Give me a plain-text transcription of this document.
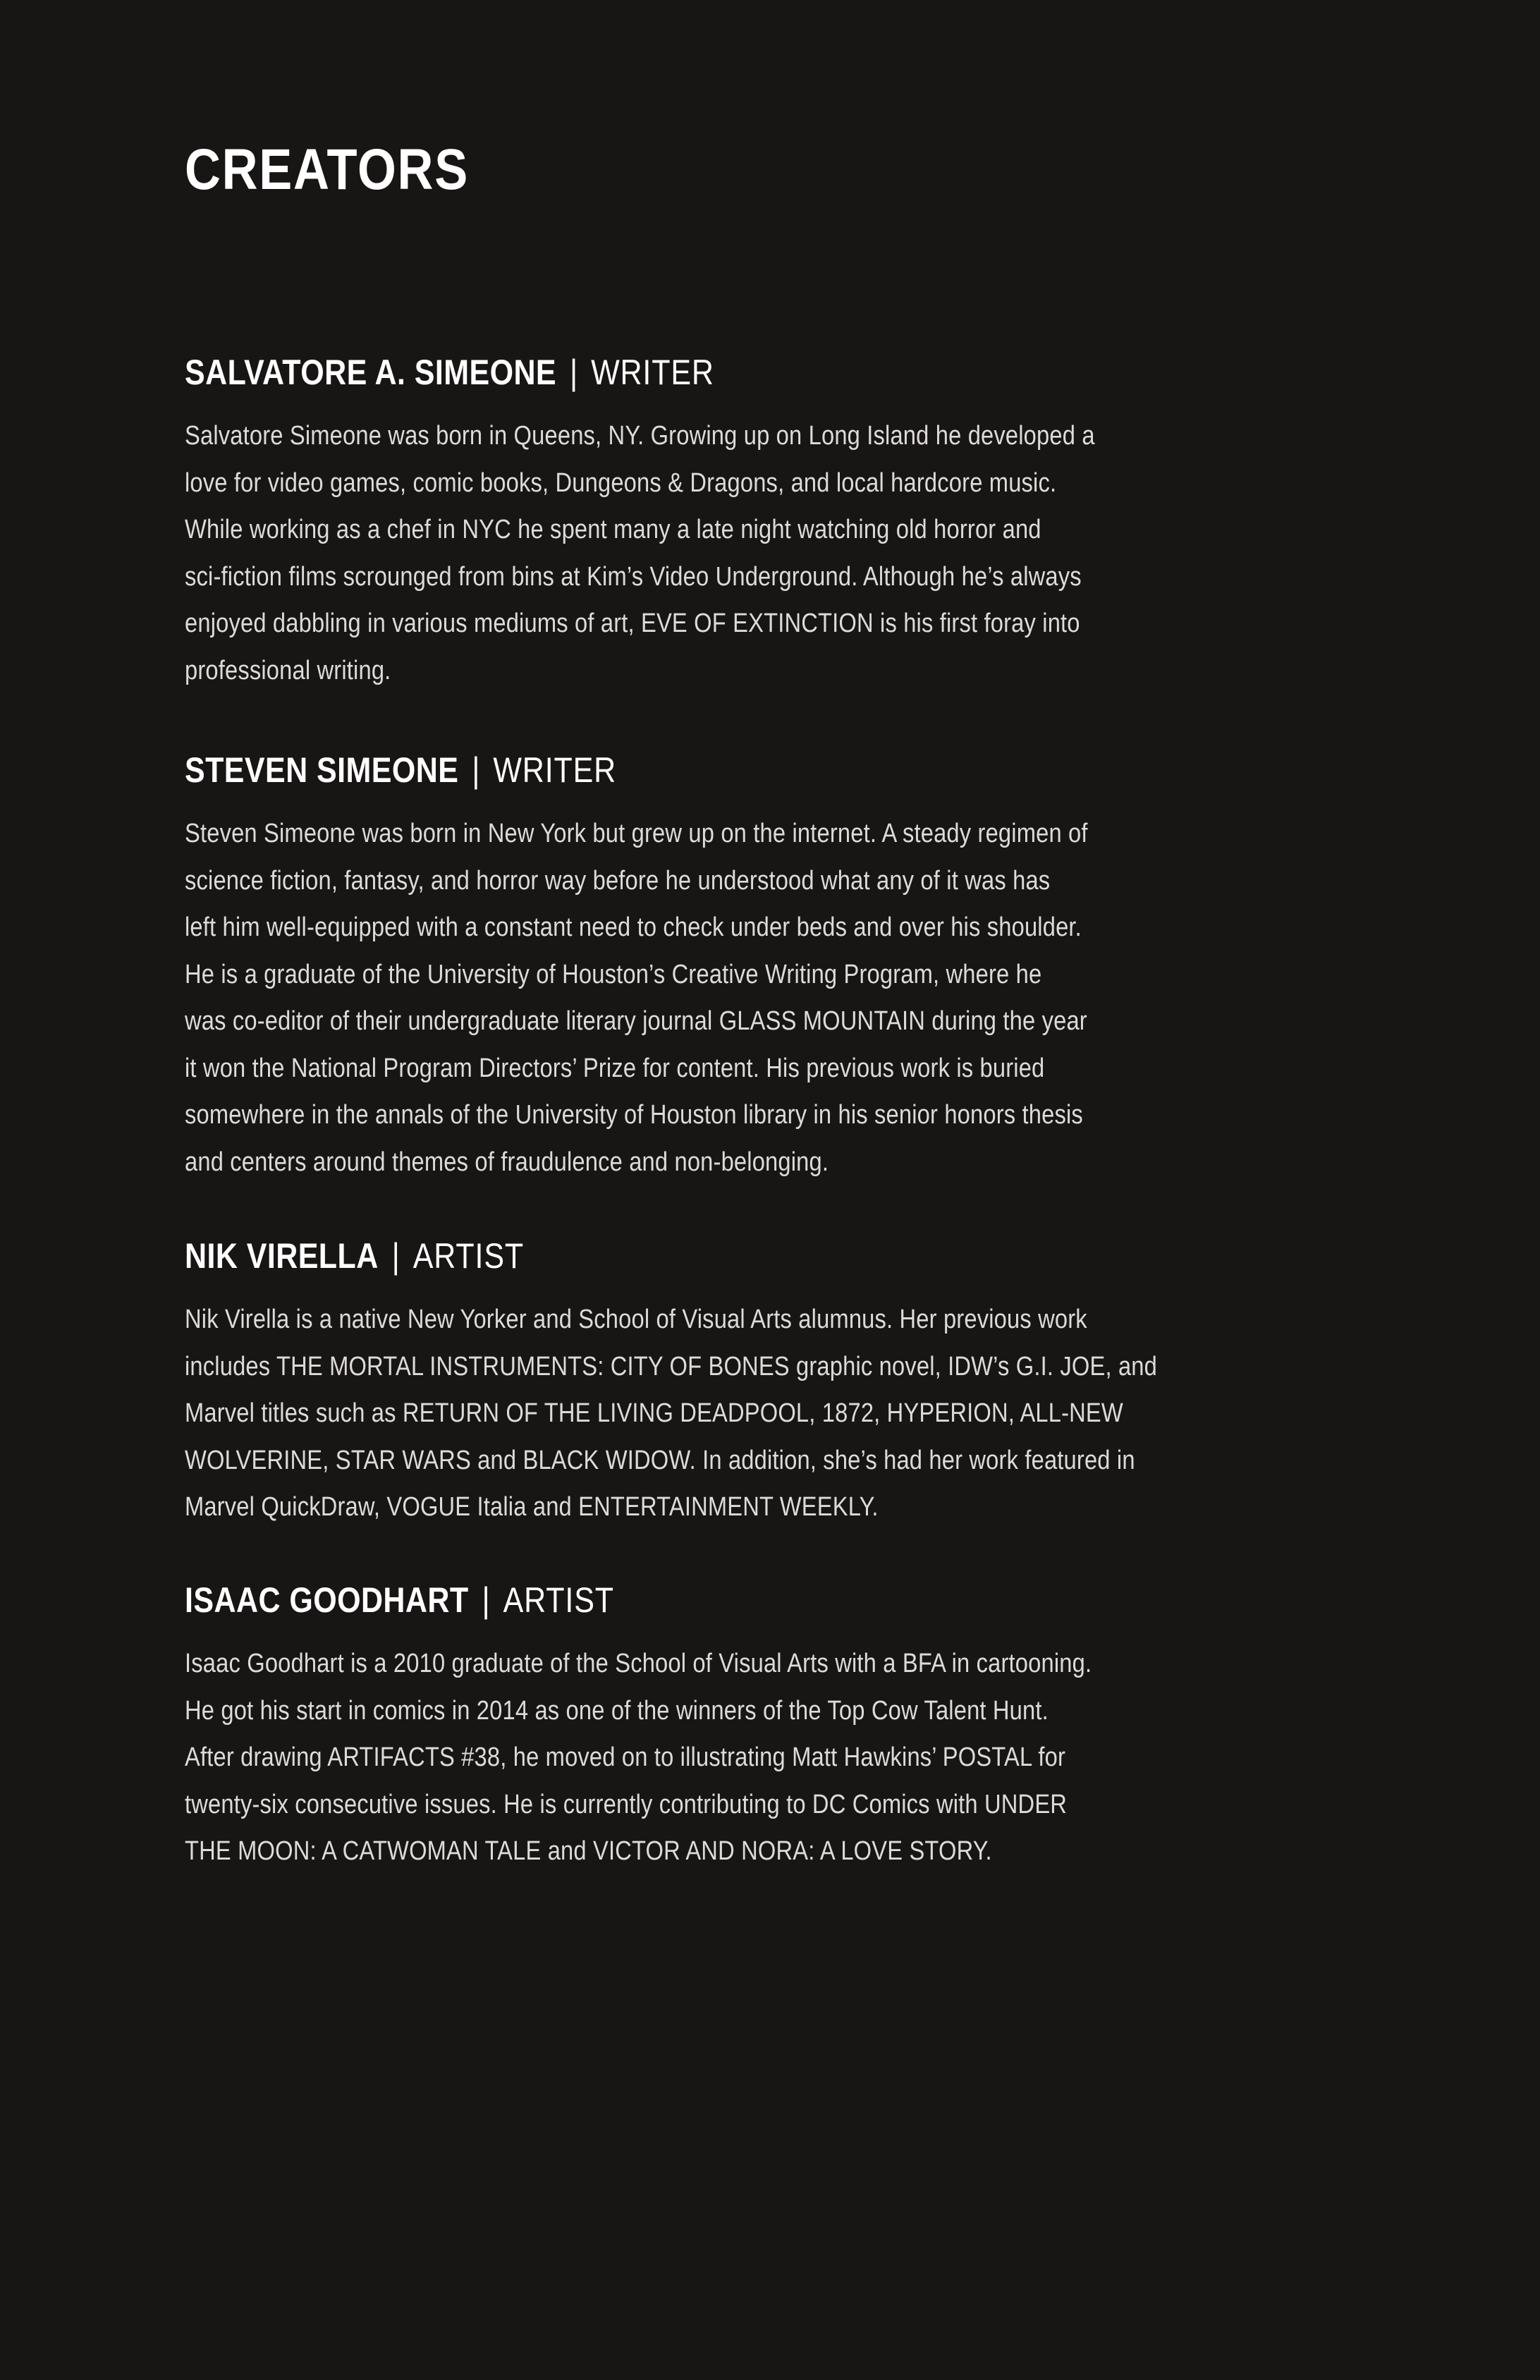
CREATORS
SALVATORE A. SIMEONE | WRITER

Salvatore Simeone was born in Queens, NY. Growing up on Long Island he developed a
love for video games, comic books, Dungeons & Dragons, and local hardcore music.
While working as a chef in NYC he spent many a late night watching old horror and
sci-fiction films scrounged from bins at Kim’s Video Underground. Although he’s always
enjoyed dabbling in various mediums of art, EVE OF EXTINCTION is his first foray into
professional writing.

STEVEN SIMEONE | WRITER

Steven Simeone was born in New York but grew up on the internet. A steady regimen of
science fiction, fantasy, and horror way before he understood what any of it was has
left him well-equipped with a constant need to check under beds and over his shoulder.
He is a graduate of the University of Houston’s Creative Writing Program, where he
was co-editor of their undergraduate literary journal GLASS MOUNTAIN during the year
it won the National Program Directors’ Prize for content. His previous work is buried
somewhere in the annals of the University of Houston library in his senior honors thesis
and centers around themes of fraudulence and non-belonging.

NIK VIRELLA | ARTIST

Nik Virella is a native New Yorker and School of Visual Arts alumnus. Her previous work
includes THE MORTAL INSTRUMENTS: CITY OF BONES graphic novel, IDW’s G.I. JOE, and
Marvel titles such as RETURN OF THE LIVING DEADPOOL, 1872, HYPERION, ALL-NEW
WOLVERINE, STAR WARS and BLACK WIDOW. In addition, she’s had her work featured in
Marvel QuickDraw, VOGUE Italia and ENTERTAINMENT WEEKLY.

ISAAC GOODHART | ARTIST

Isaac Goodhart is a 2010 graduate of the School of Visual Arts with a BFA in cartooning.
He got his start in comics in 2014 as one of the winners of the Top Cow Talent Hunt.
After drawing ARTIFACTS #38, he moved on to illustrating Matt Hawkins’ POSTAL for
twenty-six consecutive issues. He is currently contributing to DC Comics with UNDER
THE MOON: A CATWOMAN TALE and VICTOR AND NORA: A LOVE STORY.
